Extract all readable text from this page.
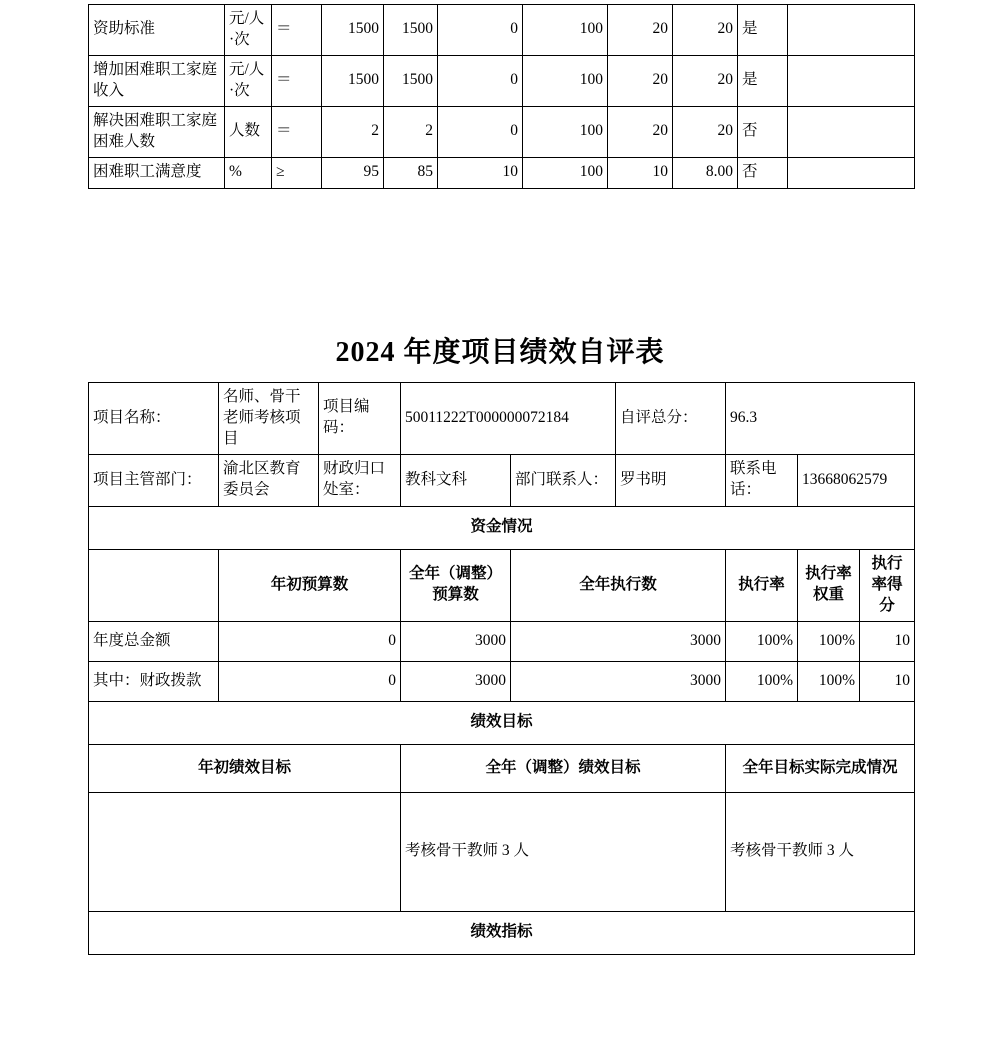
资助标准	元/人·次	＝	1500	1500	0	100	20	20	是	
增加困难职工家庭收入	元/人·次	＝	1500	1500	0	100	20	20	是	
解决困难职工家庭困难人数	人数	＝	2	2	0	100	20	20	否	
困难职工满意度	%	≥	95	85	10	100	10	8.00	否	
2024 年度项目绩效自评表
项目名称：	名师、骨干老师考核项目	项目编码：	50011222T000000072184		自评总分：	96.3		
项目主管部门：	渝北区教育委员会	财政归口处室：	教科文科	部门联系人：	罗书明	联系电话：	13668062579	
资金情况								
	年初预算数		全年（调整）预算数	全年执行数		执行率	执行率权重	执行率得分
年度总金额	0		3000	3000		100%	100%	10
其中：财政拨款	0		3000	3000		100%	100%	10
绩效目标								
年初绩效目标			全年（调整）绩效目标			全年目标实际完成情况		
			考核骨干教师 3 人			考核骨干教师 3 人		
绩效指标								
